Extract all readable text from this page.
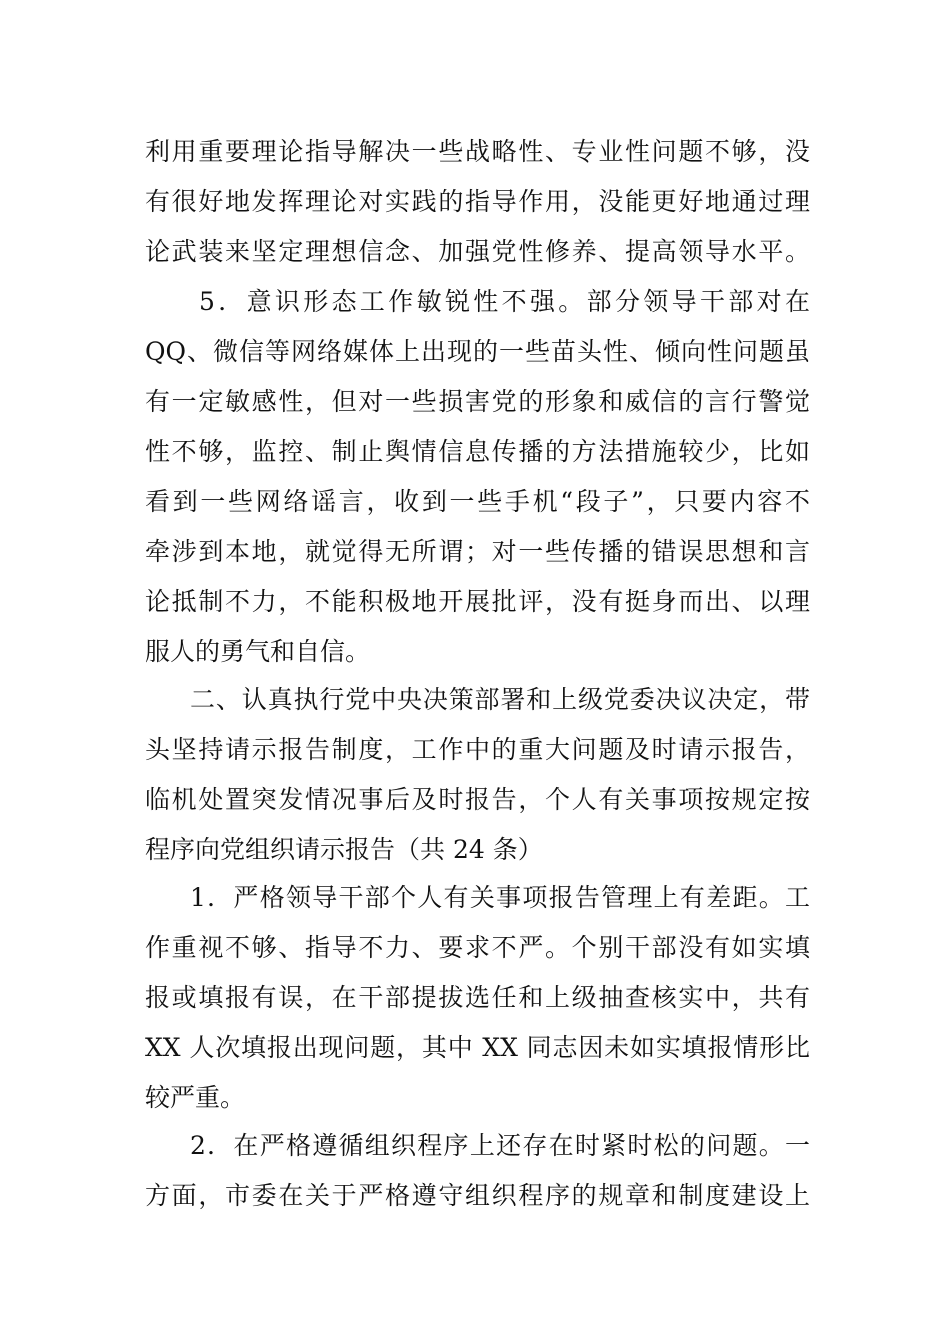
利用重要理论指导解决一些战略性、专业性问题不够，没
有很好地发挥理论对实践的指导作用，没能更好地通过理
论武装来坚定理想信念、加强党性修养、提高领导水平。
5．意识形态工作敏锐性不强。部分领导干部对在
QQ、微信等网络媒体上出现的一些苗头性、倾向性问题虽
有一定敏感性，但对一些损害党的形象和威信的言行警觉
性不够，监控、制止舆情信息传播的方法措施较少，比如
看到一些网络谣言，收到一些手机“段子”，只要内容不
牵涉到本地，就觉得无所谓；对一些传播的错误思想和言
论抵制不力，不能积极地开展批评，没有挺身而出、以理
服人的勇气和自信。
二、认真执行党中央决策部署和上级党委决议决定，带
头坚持请示报告制度，工作中的重大问题及时请示报告，
临机处置突发情况事后及时报告，个人有关事项按规定按
程序向党组织请示报告（共 24 条）
1．严格领导干部个人有关事项报告管理上有差距。工
作重视不够、指导不力、要求不严。个别干部没有如实填
报或填报有误，在干部提拔选任和上级抽查核实中，共有
XX 人次填报出现问题，其中 XX 同志因未如实填报情形比
较严重。
2．在严格遵循组织程序上还存在时紧时松的问题。一
方面，市委在关于严格遵守组织程序的规章和制度建设上
